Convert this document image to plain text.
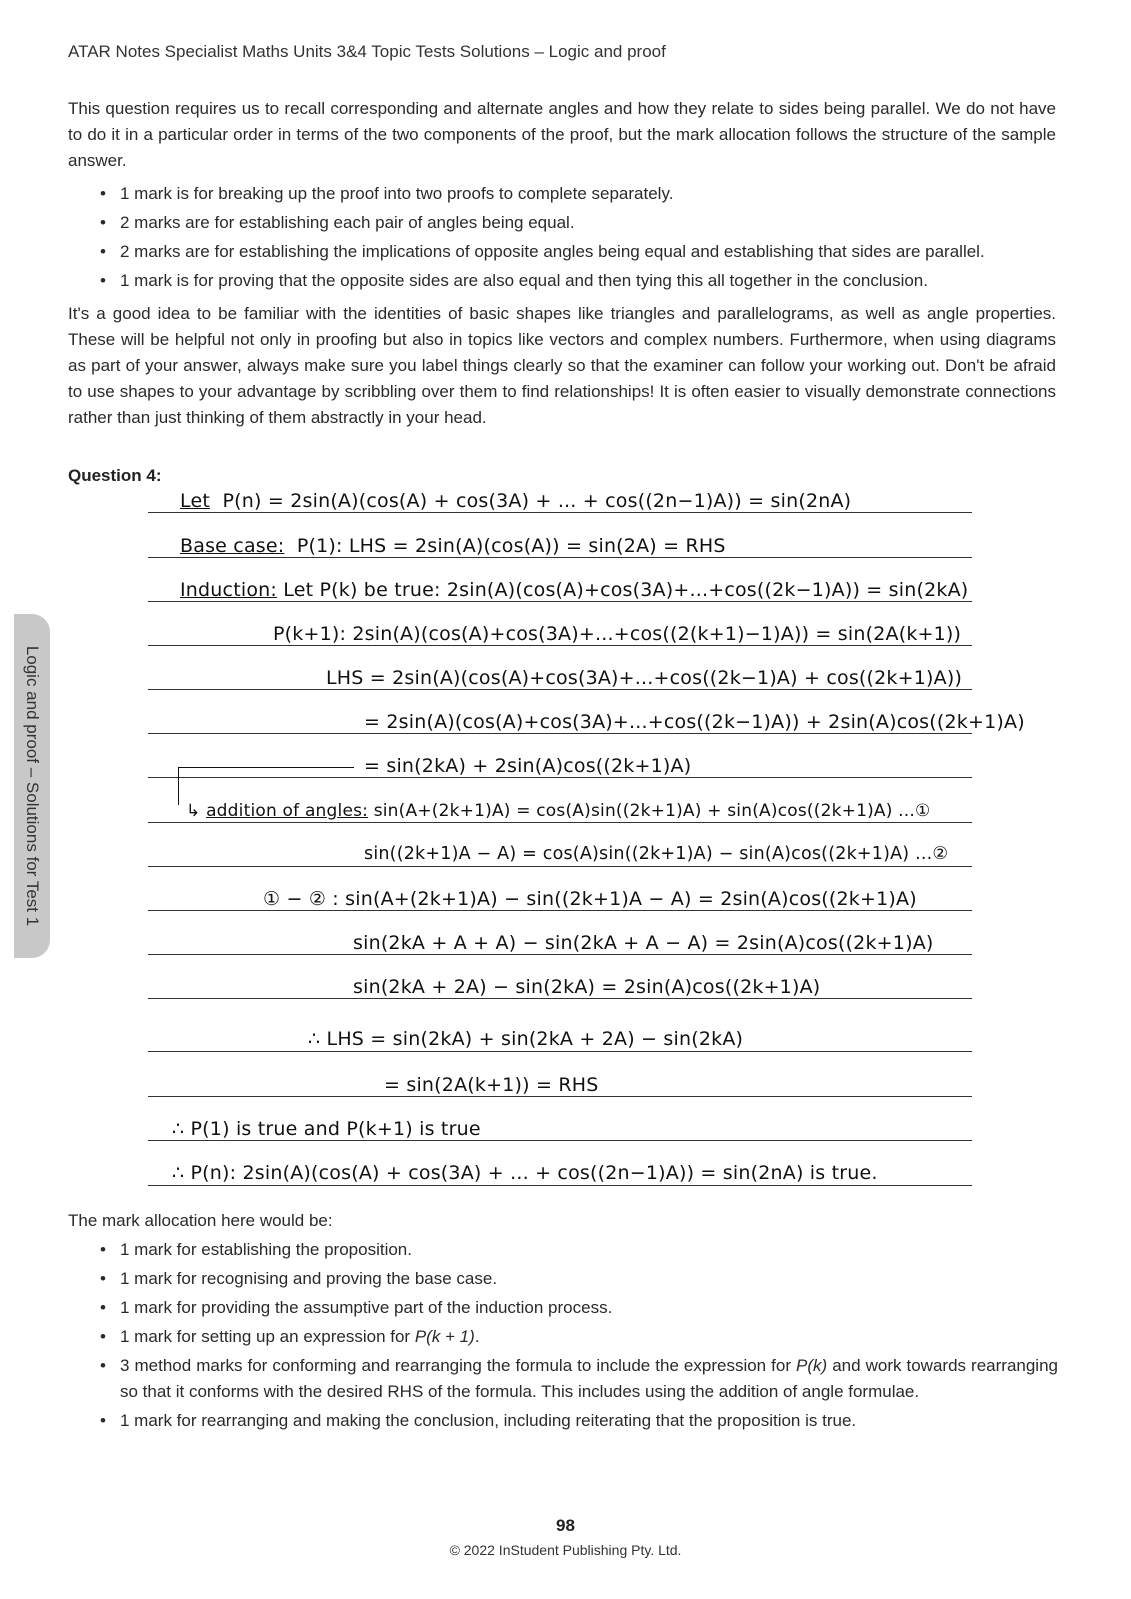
ATAR Notes Specialist Maths Units 3&4 Topic Tests Solutions – Logic and proof
This question requires us to recall corresponding and alternate angles and how they relate to sides being parallel. We do not have to do it in a particular order in terms of the two components of the proof, but the mark allocation follows the structure of the sample answer.
• 1 mark is for breaking up the proof into two proofs to complete separately.
• 2 marks are for establishing each pair of angles being equal.
• 2 marks are for establishing the implications of opposite angles being equal and establishing that sides are parallel.
• 1 mark is for proving that the opposite sides are also equal and then tying this all together in the conclusion.
It's a good idea to be familiar with the identities of basic shapes like triangles and parallelograms, as well as angle properties. These will be helpful not only in proofing but also in topics like vectors and complex numbers. Furthermore, when using diagrams as part of your answer, always make sure you label things clearly so that the examiner can follow your working out. Don't be afraid to use shapes to your advantage by scribbling over them to find relationships! It is often easier to visually demonstrate connections rather than just thinking of them abstractly in your head.
Question 4:
Let P(n) = 2sin(A)(cos(A) + cos(3A) + ... + cos((2n−1)A)) = sin(2nA)
Base case: P(1): LHS = 2sin(A)(cos(A)) = sin(2A) = RHS
Induction: Let P(k) be true: 2sin(A)(cos(A)+cos(3A)+...+cos((2k−1)A)) = sin(2kA)
P(k+1): 2sin(A)(cos(A)+cos(3A)+...+cos((2(k+1)−1)A)) = sin(2A(k+1))
LHS = 2sin(A)(cos(A)+cos(3A)+...+cos((2k−1)A) + cos((2k+1)A))
= 2sin(A)(cos(A)+cos(3A)+...+cos((2k−1)A)) + 2sin(A)cos((2k+1)A)
= sin(2kA) + 2sin(A)cos((2k+1)A)
↳ addition of angles: sin(A+(2k+1)A) = cos(A)sin((2k+1)A) + sin(A)cos((2k+1)A) ...①
sin((2k+1)A − A) = cos(A)sin((2k+1)A) − sin(A)cos((2k+1)A) ...②
① − ② : sin(A+(2k+1)A) − sin((2k+1)A − A) = 2sin(A)cos((2k+1)A)
sin(2kA + A + A) − sin(2kA + A − A) = 2sin(A)cos((2k+1)A)
sin(2kA + 2A) − sin(2kA) = 2sin(A)cos((2k+1)A)
∴ LHS = sin(2kA) + sin(2kA + 2A) − sin(2kA)
= sin(2A(k+1)) = RHS
∴ P(1) is true and P(k+1) is true
∴ P(n): 2sin(A)(cos(A) + cos(3A) + ... + cos((2n−1)A)) = sin(2nA) is true.
The mark allocation here would be:
• 1 mark for establishing the proposition.
• 1 mark for recognising and proving the base case.
• 1 mark for providing the assumptive part of the induction process.
• 1 mark for setting up an expression for P(k + 1).
• 3 method marks for conforming and rearranging the formula to include the expression for P(k) and work towards rearranging so that it conforms with the desired RHS of the formula. This includes using the addition of angle formulae.
• 1 mark for rearranging and making the conclusion, including reiterating that the proposition is true.
Logic and proof – Solutions for Test 1
98
© 2022 InStudent Publishing Pty. Ltd.
